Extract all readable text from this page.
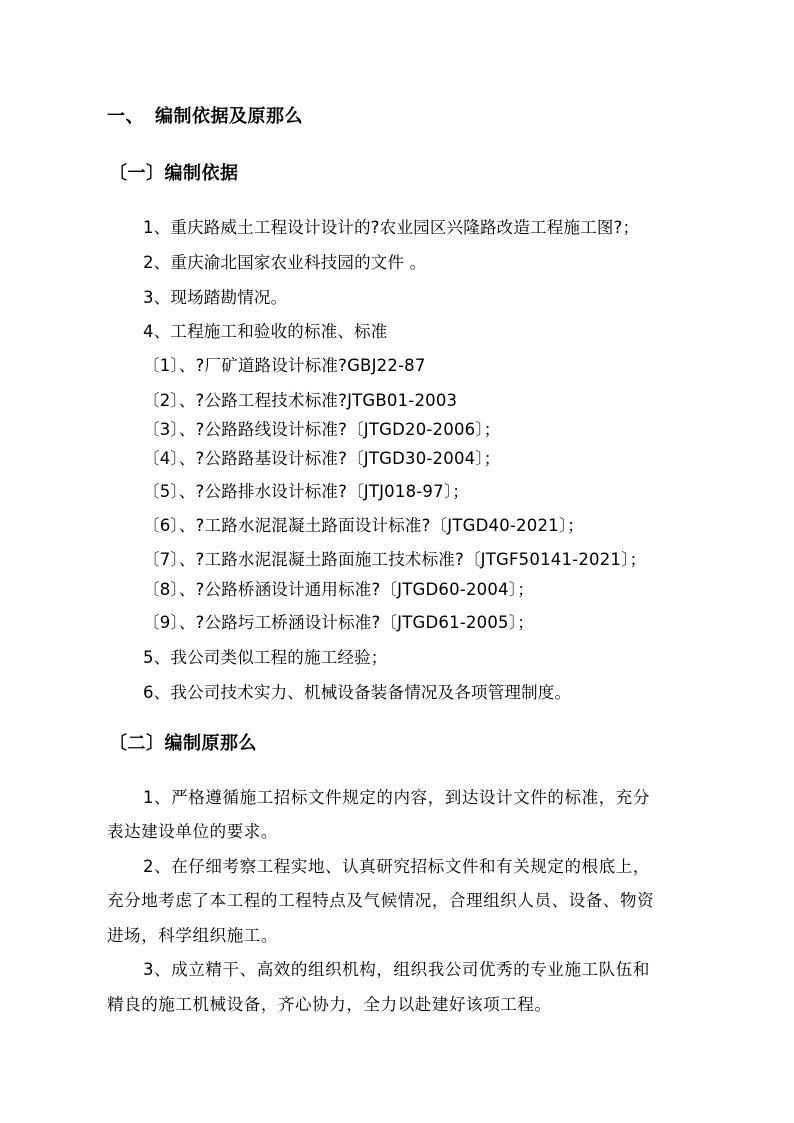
一、 编制依据及原那么
〔一〕编制依据
1、重庆路威土工程设计设计的?农业园区兴隆路改造工程施工图?；
2、重庆渝北国家农业科技园的文件 。
3、现场踏勘情况。
4、工程施工和验收的标准、标准
〔1〕、?厂矿道路设计标准?GBJ22-87
〔2〕、?公路工程技术标准?JTGB01-2003
〔3〕、?公路路线设计标准?〔JTGD20-2006〕；
〔4〕、?公路路基设计标准?〔JTGD30-2004〕；
〔5〕、?公路排水设计标准?〔JTJ018-97〕；
〔6〕、?工路水泥混凝土路面设计标准?〔JTGD40-2021〕；
〔7〕、?工路水泥混凝土路面施工技术标准?〔JTGF50141-2021〕；
〔8〕、?公路桥涵设计通用标准?〔JTGD60-2004〕；
〔9〕、?公路圬工桥涵设计标准?〔JTGD61-2005〕；
5、我公司类似工程的施工经验；
6、我公司技术实力、机械设备装备情况及各项管理制度。
〔二〕编制原那么
1、严格遵循施工招标文件规定的内容，到达设计文件的标准，充分
表达建设单位的要求。
2、在仔细考察工程实地、认真研究招标文件和有关规定的根底上，
充分地考虑了本工程的工程特点及气候情况，合理组织人员、设备、物资
进场，科学组织施工。
3、成立精干、高效的组织机构，组织我公司优秀的专业施工队伍和
精良的施工机械设备，齐心协力，全力以赴建好该项工程。
